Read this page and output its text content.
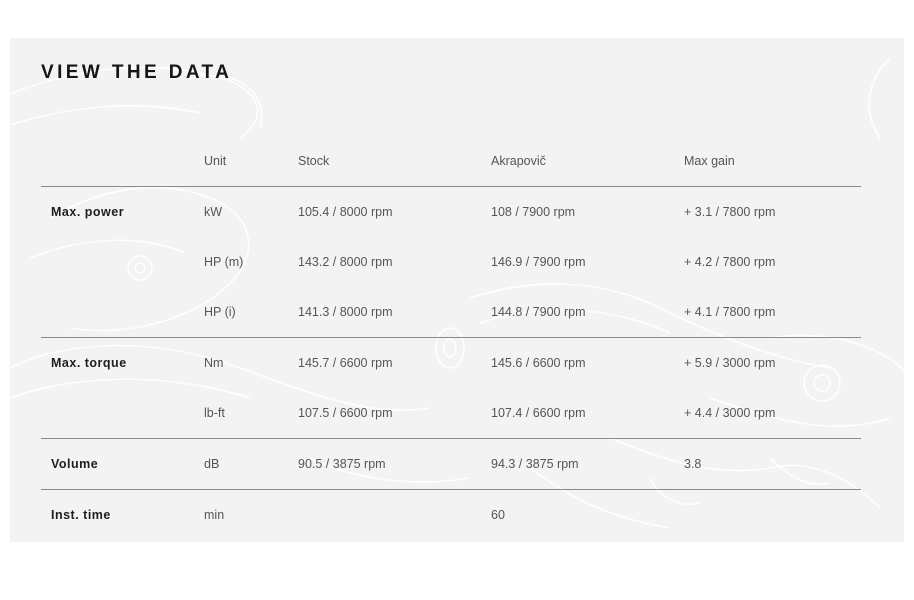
VIEW THE DATA
	Unit	Stock	Akrapovič	Max gain
Max. power	kW	105.4 / 8000 rpm	108 / 7900 rpm	+ 3.1 / 7800 rpm
	HP (m)	143.2 / 8000 rpm	146.9 / 7900 rpm	+ 4.2 / 7800 rpm
	HP (i)	141.3 / 8000 rpm	144.8 / 7900 rpm	+ 4.1 / 7800 rpm
Max. torque	Nm	145.7 / 6600 rpm	145.6 / 6600 rpm	+ 5.9 / 3000 rpm
	lb-ft	107.5 / 6600 rpm	107.4 / 6600 rpm	+ 4.4 / 3000 rpm
Volume	dB	90.5 / 3875 rpm	94.3 / 3875 rpm	3.8
Inst. time	min		60	
